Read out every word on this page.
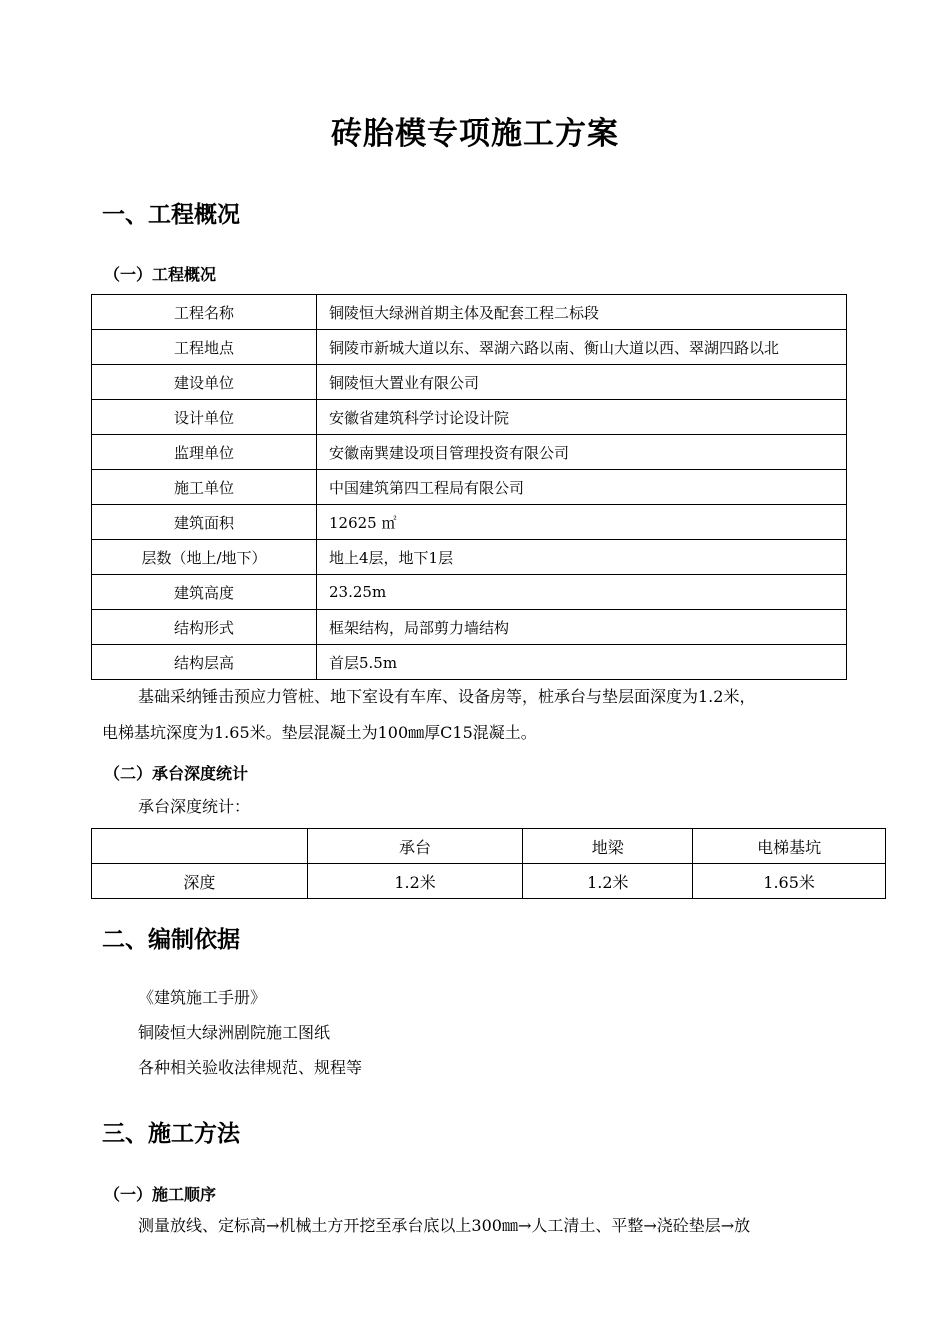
砖胎模专项施工方案
一、工程概况
（一）工程概况
工程名称	铜陵恒大绿洲首期主体及配套工程二标段
工程地点	铜陵市新城大道以东、翠湖六路以南、衡山大道以西、翠湖四路以北
建设单位	铜陵恒大置业有限公司
设计单位	安徽省建筑科学讨论设计院
监理单位	安徽南巽建设项目管理投资有限公司
施工单位	中国建筑第四工程局有限公司
建筑面积	12625 ㎡
层数（地上/地下）	地上4层，地下1层
建筑高度	23.25m
结构形式	框架结构，局部剪力墙结构
结构层高	首层5.5m

基础采纳锤击预应力管桩、地下室设有车库、设备房等，桩承台与垫层面深度为1.2米，

电梯基坑深度为1.65米。垫层混凝土为100㎜厚C15混凝土。

（二）承台深度统计

承台深度统计：

	承台	地梁	电梯基坑
深度	1.2米	1.2米	1.65米
二、编制依据

《建筑施工手册》

铜陵恒大绿洲剧院施工图纸

各种相关验收法律规范、规程等

三、施工方法
（一）施工顺序

测量放线、定标高→机械土方开挖至承台底以上300㎜→人工清土、平整→浇砼垫层→放
